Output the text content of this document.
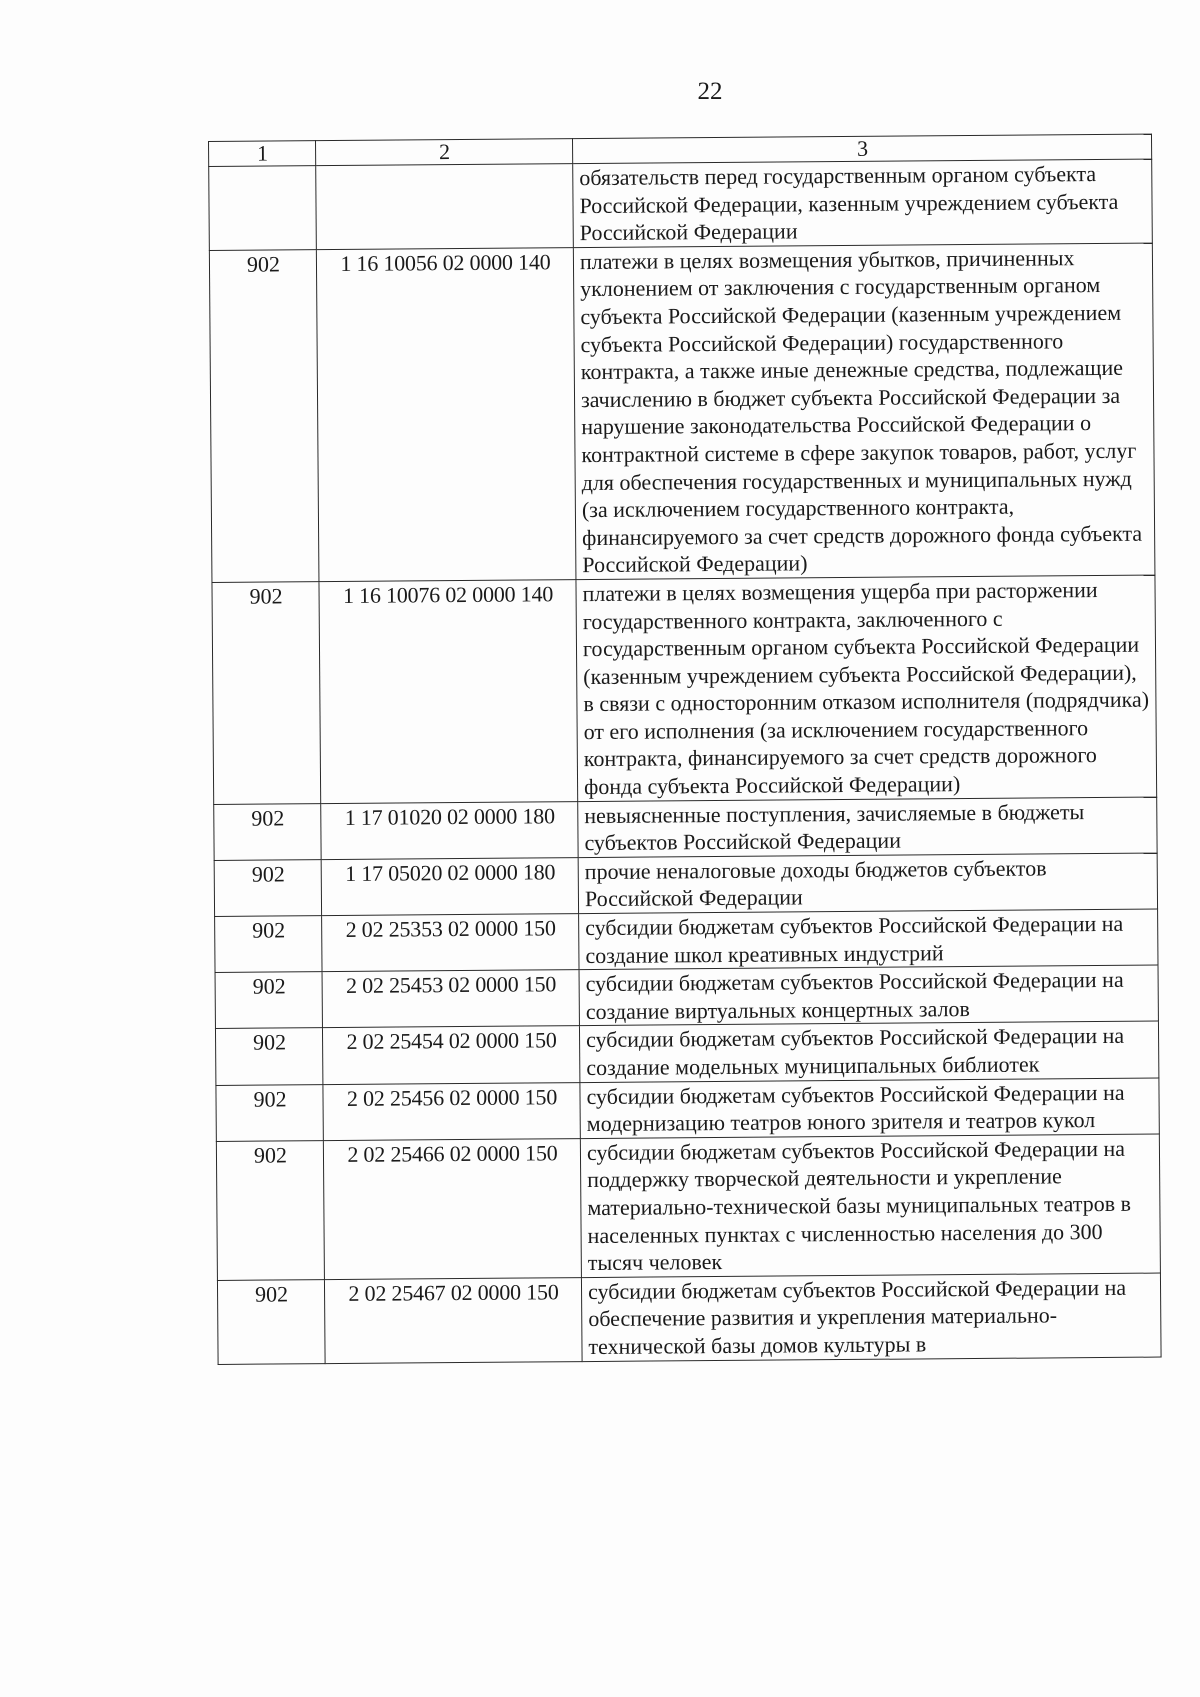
22
1	2	3
		обязательств перед государственным органом субъекта Российской Федерации, казенным учреждением субъекта Российской Федерации
902	1 16 10056 02 0000 140	платежи в целях возмещения убытков, причиненных уклонением от заключения с государственным органом субъекта Российской Федерации (казенным учреждением субъекта Российской Федерации) государственного контракта, а также иные денежные средства, подлежащие зачислению в бюджет субъекта Российской Федерации за нарушение законодательства Российской Федерации о контрактной системе в сфере закупок товаров, работ, услуг для обеспечения государственных и муниципальных нужд (за исключением государственного контракта, финансируемого за счет средств дорожного фонда субъекта Российской Федерации)
902	1 16 10076 02 0000 140	платежи в целях возмещения ущерба при расторжении государственного контракта, заключенного с государственным органом субъекта Российской Федерации (казенным учреждением субъекта Российской Федерации), в связи с односторонним отказом исполнителя (подрядчика) от его исполнения (за исключением государственного контракта, финансируемого за счет средств дорожного фонда субъекта Российской Федерации)
902	1 17 01020 02 0000 180	невыясненные поступления, зачисляемые в бюджеты субъектов Российской Федерации
902	1 17 05020 02 0000 180	прочие неналоговые доходы бюджетов субъектов Российской Федерации
902	2 02 25353 02 0000 150	субсидии бюджетам субъектов Российской Федерации на создание школ креативных индустрий
902	2 02 25453 02 0000 150	субсидии бюджетам субъектов Российской Федерации на создание виртуальных концертных залов
902	2 02 25454 02 0000 150	субсидии бюджетам субъектов Российской Федерации на создание модельных муниципальных библиотек
902	2 02 25456 02 0000 150	субсидии бюджетам субъектов Российской Федерации на модернизацию театров юного зрителя и театров кукол
902	2 02 25466 02 0000 150	субсидии бюджетам субъектов Российской Федерации на поддержку творческой деятельности и укрепление материально-технической базы муниципальных театров в населенных пунктах с численностью населения до 300 тысяч человек
902	2 02 25467 02 0000 150	субсидии бюджетам субъектов Российской Федерации на обеспечение развития и укрепления материально-технической базы домов культуры в
